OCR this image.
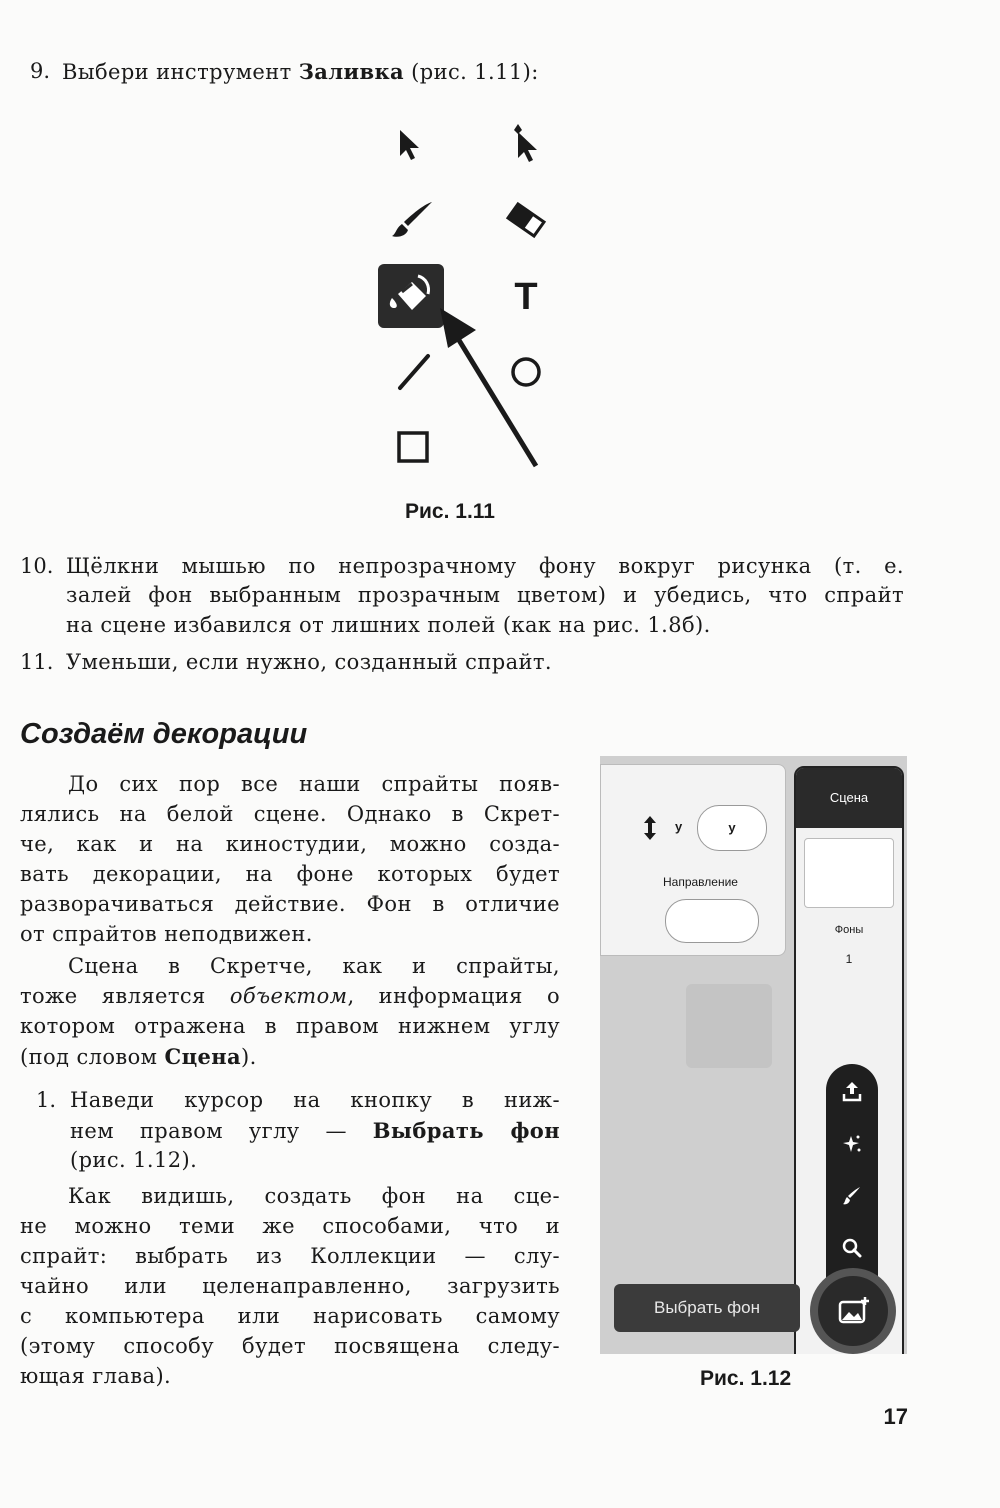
9. Выбери инструмент Заливка (рис. 1.11):
T
Рис. 1.11
10. Щёлкни мышью по непрозрачному фону вокруг рисунка (т. е.
залей фон выбранным прозрачным цветом) и убедись, что спрайт
на сцене избавился от лишних полей (как на рис. 1.8б).
11. Уменьши, если нужно, созданный спрайт.
Создаём декорации
До сих пор все наши спрайты появ-
лялись на белой сцене. Однако в Скрет-
че, как и на киностудии, можно созда-
вать декорации, на фоне которых будет
разворачиваться действие. Фон в отличие
от спрайтов неподвижен.
Сцена в Скретче, как и спрайты,
тоже является объектом, информация о
котором отражена в правом нижнем углу
(под словом Сцена).
1. Наведи курсор на кнопку в ниж-
нем правом углу — Выбрать фон
(рис. 1.12).
Как видишь, создать фон на сце-
не можно теми же способами, что и
спрайт: выбрать из Коллекции — слу-
чайно или целенаправленно, загрузить
с компьютера или нарисовать самому
(этому способу будет посвящена следу-
ющая глава).
у	у
Направление
Сцена
Фоны
1
Выбрать фон
Рис. 1.12
17
